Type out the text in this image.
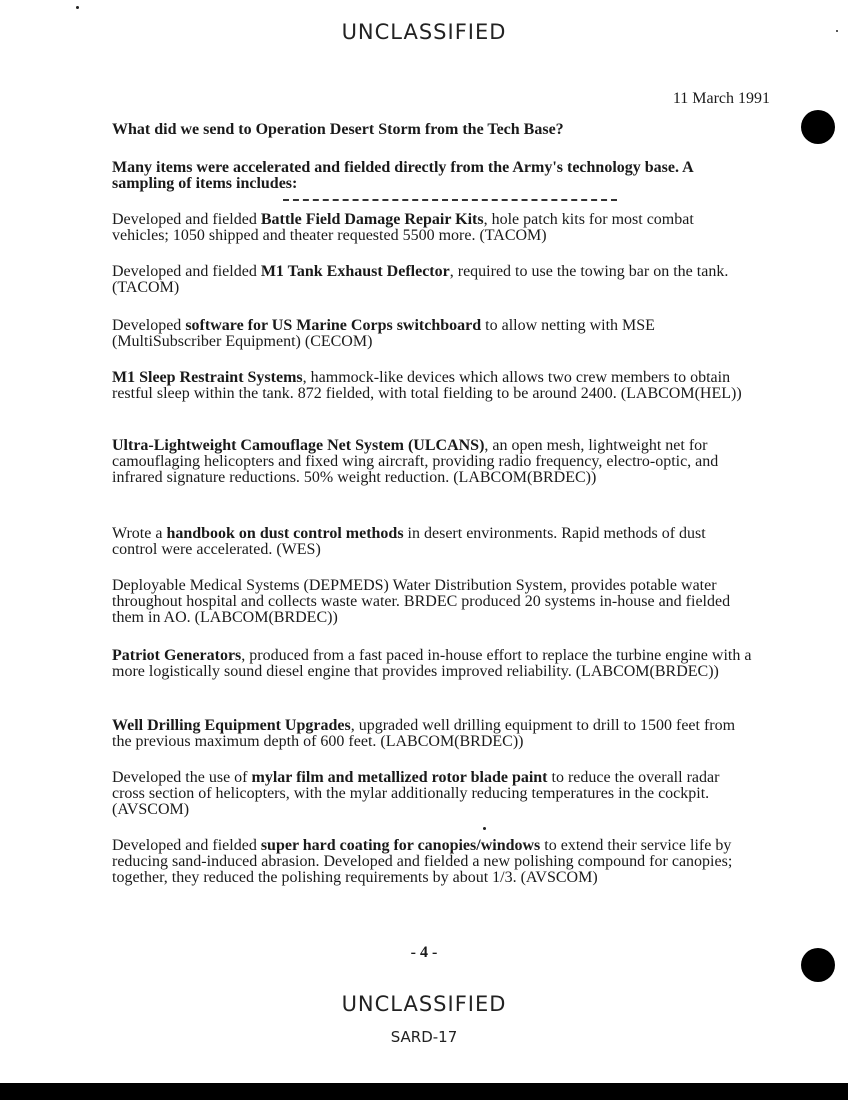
UNCLASSIFIED
11 March 1991
What did we send to Operation Desert Storm from the Tech Base?
Many items were accelerated and fielded directly from the Army's technology base. A sampling of items includes:
Developed and fielded Battle Field Damage Repair Kits, hole patch kits for most combat vehicles; 1050 shipped and theater requested 5500 more. (TACOM)
Developed and fielded M1 Tank Exhaust Deflector, required to use the towing bar on the tank. (TACOM)
Developed software for US Marine Corps switchboard to allow netting with MSE (MultiSubscriber Equipment) (CECOM)
M1 Sleep Restraint Systems, hammock-like devices which allows two crew members to obtain restful sleep within the tank. 872 fielded, with total fielding to be around 2400. (LABCOM(HEL))
Ultra-Lightweight Camouflage Net System (ULCANS), an open mesh, lightweight net for camouflaging helicopters and fixed wing aircraft, providing radio frequency, electro-optic, and infrared signature reductions. 50% weight reduction. (LABCOM(BRDEC))
Wrote a handbook on dust control methods in desert environments. Rapid methods of dust control were accelerated. (WES)
Deployable Medical Systems (DEPMEDS) Water Distribution System, provides potable water throughout hospital and collects waste water. BRDEC produced 20 systems in-house and fielded them in AO. (LABCOM(BRDEC))
Patriot Generators, produced from a fast paced in-house effort to replace the turbine engine with a more logistically sound diesel engine that provides improved reliability. (LABCOM(BRDEC))
Well Drilling Equipment Upgrades, upgraded well drilling equipment to drill to 1500 feet from the previous maximum depth of 600 feet. (LABCOM(BRDEC))
Developed the use of mylar film and metallized rotor blade paint to reduce the overall radar cross section of helicopters, with the mylar additionally reducing temperatures in the cockpit. (AVSCOM)
Developed and fielded super hard coating for canopies/windows to extend their service life by reducing sand-induced abrasion. Developed and fielded a new polishing compound for canopies; together, they reduced the polishing requirements by about 1/3. (AVSCOM)
- 4 -
UNCLASSIFIED
SARD-17
